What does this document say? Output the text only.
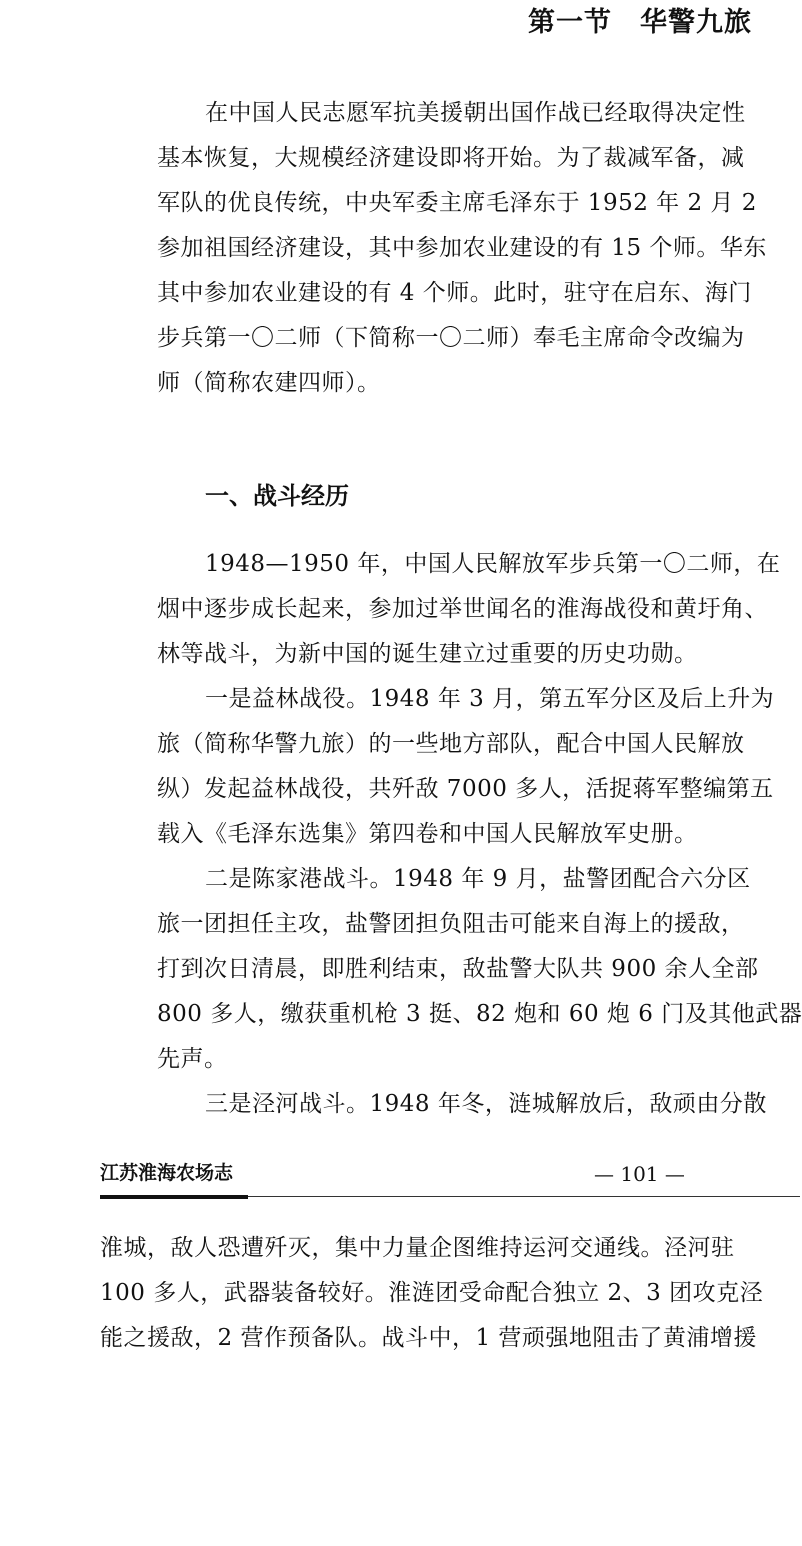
第一节　华警九旅
在中国人民志愿军抗美援朝出国作战已经取得决定性
基本恢复，大规模经济建设即将开始。为了裁减军备，减
军队的优良传统，中央军委主席毛泽东于 1952 年 2 月 2
参加祖国经济建设，其中参加农业建设的有 15 个师。华东
其中参加农业建设的有 4 个师。此时，驻守在启东、海门
步兵第一〇二师（下简称一〇二师）奉毛主席命令改编为
师（简称农建四师）。
一、战斗经历
1948—1950 年，中国人民解放军步兵第一〇二师，在
烟中逐步成长起来，参加过举世闻名的淮海战役和黄圩角、
林等战斗，为新中国的诞生建立过重要的历史功勋。
一是益林战役。1948 年 3 月，第五军分区及后上升为
旅（简称华警九旅）的一些地方部队，配合中国人民解放
纵）发起益林战役，共歼敌 7000 多人，活捉蒋军整编第五
载入《毛泽东选集》第四卷和中国人民解放军史册。
二是陈家港战斗。1948 年 9 月，盐警团配合六分区
旅一团担任主攻，盐警团担负阻击可能来自海上的援敌，
打到次日清晨，即胜利结束，敌盐警大队共 900 余人全部
800 多人，缴获重机枪 3 挺、82 炮和 60 炮 6 门及其他武器
先声。
三是泾河战斗。1948 年冬，涟城解放后，敌顽由分散
— 101 —
江苏淮海农场志
淮城，敌人恐遭歼灭，集中力量企图维持运河交通线。泾河驻
100 多人，武器装备较好。淮涟团受命配合独立 2、3 团攻克泾
能之援敌，2 营作预备队。战斗中，1 营顽强地阻击了黄浦增援
